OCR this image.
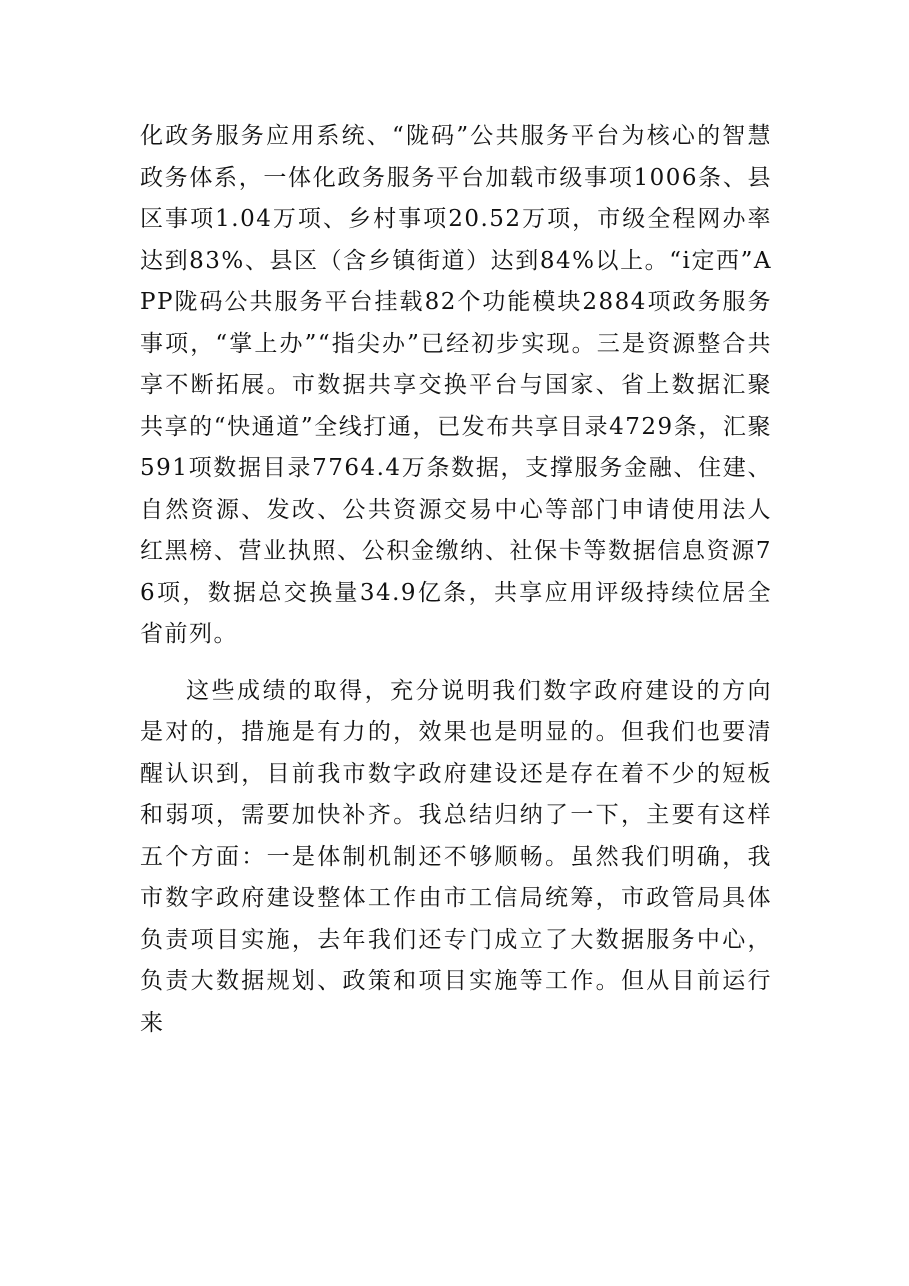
化政务服务应用系统、“陇码”公共服务平台为核心的智慧政务体系，一体化政务服务平台加载市级事项1006条、县区事项1.04万项、乡村事项20.52万项，市级全程网办率达到83%、县区（含乡镇街道）达到84%以上。“i定西”APP陇码公共服务平台挂载82个功能模块2884项政务服务事项，“掌上办”“指尖办”已经初步实现。三是资源整合共享不断拓展。市数据共享交换平台与国家、省上数据汇聚共享的“快通道”全线打通，已发布共享目录4729条，汇聚591项数据目录7764.4万条数据，支撑服务金融、住建、自然资源、发改、公共资源交易中心等部门申请使用法人红黑榜、营业执照、公积金缴纳、社保卡等数据信息资源76项，数据总交换量34.9亿条，共享应用评级持续位居全省前列。

这些成绩的取得，充分说明我们数字政府建设的方向是对的，措施是有力的，效果也是明显的。但我们也要清醒认识到，目前我市数字政府建设还是存在着不少的短板和弱项，需要加快补齐。我总结归纳了一下，主要有这样五个方面：一是体制机制还不够顺畅。虽然我们明确，我市数字政府建设整体工作由市工信局统筹，市政管局具体负责项目实施，去年我们还专门成立了大数据服务中心，负责大数据规划、政策和项目实施等工作。但从目前运行来
